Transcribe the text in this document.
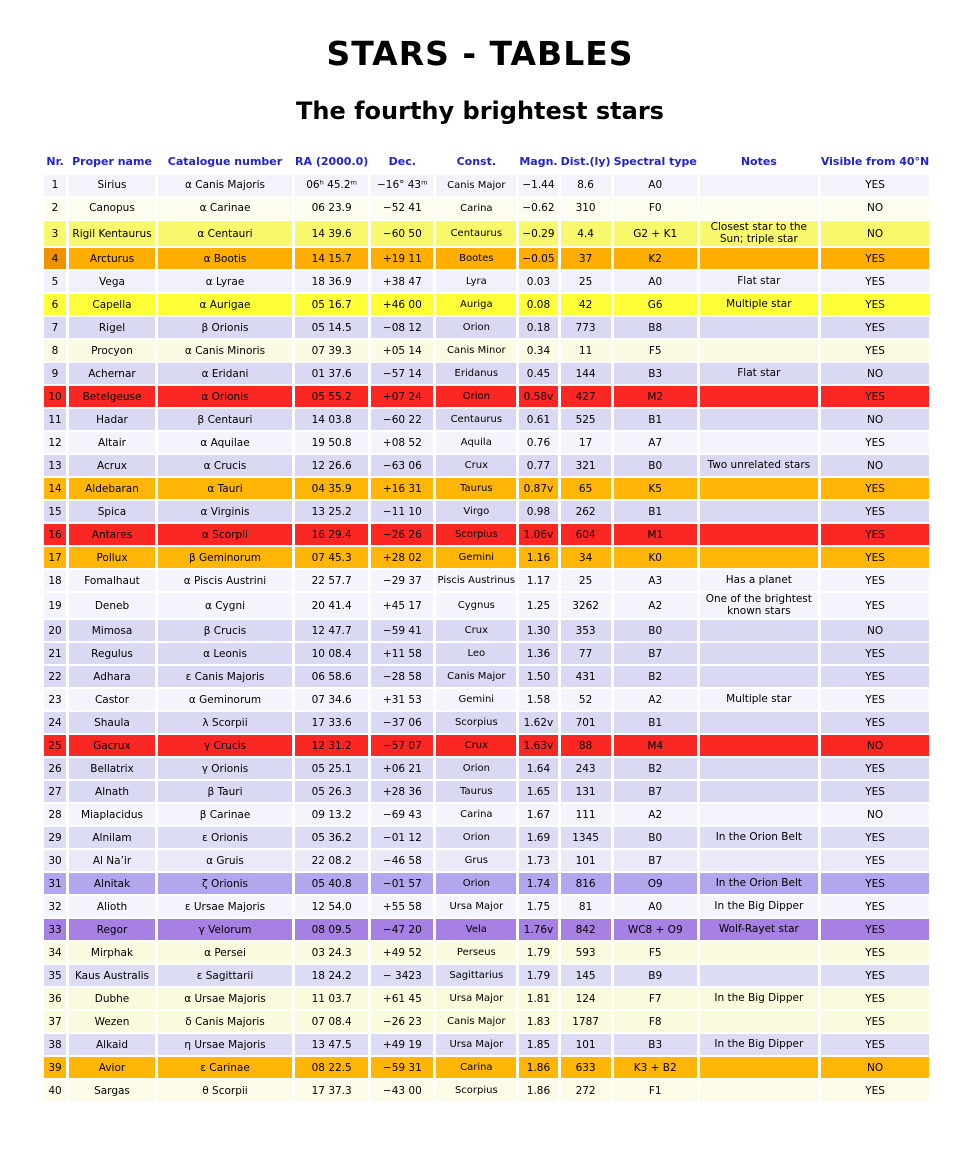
STARS - TABLES
The fourthy brightest stars
Nr.	Proper name	Catalogue number	RA (2000.0)	Dec.	Const.	Magn.	Dist.(ly)	Spectral type	Notes	Visible from 40°N
1	Sirius	α Canis Majoris	06ʰ 45.2ᵐ	−16° 43ᵐ	Canis Major	−1.44	8.6	A0		YES
2	Canopus	α Carinae	06 23.9	−52 41	Carina	−0.62	310	F0		NO
3	Rigil Kentaurus	α Centauri	14 39.6	−60 50	Centaurus	−0.29	4.4	G2 + K1	Closest star to the Sun; triple star	NO
4	Arcturus	α Bootis	14 15.7	+19 11	Bootes	−0.05	37	K2		YES
5	Vega	α Lyrae	18 36.9	+38 47	Lyra	0.03	25	A0	Flat star	YES
6	Capella	α Aurigae	05 16.7	+46 00	Auriga	0.08	42	G6	Multiple star	YES
7	Rigel	β Orionis	05 14.5	−08 12	Orion	0.18	773	B8		YES
8	Procyon	α Canis Minoris	07 39.3	+05 14	Canis Minor	0.34	11	F5		YES
9	Achernar	α Eridani	01 37.6	−57 14	Eridanus	0.45	144	B3	Flat star	NO
10	Betelgeuse	α Orionis	05 55.2	+07 24	Orion	0.58v	427	M2		YES
11	Hadar	β Centauri	14 03.8	−60 22	Centaurus	0.61	525	B1		NO
12	Altair	α Aquilae	19 50.8	+08 52	Aquila	0.76	17	A7		YES
13	Acrux	α Crucis	12 26.6	−63 06	Crux	0.77	321	B0	Two unrelated stars	NO
14	Aldebaran	α Tauri	04 35.9	+16 31	Taurus	0.87v	65	K5		YES
15	Spica	α Virginis	13 25.2	−11 10	Virgo	0.98	262	B1		YES
16	Antares	α Scorpii	16 29.4	−26 26	Scorpius	1.06v	604	M1		YES
17	Pollux	β Geminorum	07 45.3	+28 02	Gemini	1.16	34	K0		YES
18	Fomalhaut	α Piscis Austrini	22 57.7	−29 37	Piscis Austrinus	1.17	25	A3	Has a planet	YES
19	Deneb	α Cygni	20 41.4	+45 17	Cygnus	1.25	3262	A2	One of the brightest known stars	YES
20	Mimosa	β Crucis	12 47.7	−59 41	Crux	1.30	353	B0		NO
21	Regulus	α Leonis	10 08.4	+11 58	Leo	1.36	77	B7		YES
22	Adhara	ε Canis Majoris	06 58.6	−28 58	Canis Major	1.50	431	B2		YES
23	Castor	α Geminorum	07 34.6	+31 53	Gemini	1.58	52	A2	Multiple star	YES
24	Shaula	λ Scorpii	17 33.6	−37 06	Scorpius	1.62v	701	B1		YES
25	Gacrux	γ Crucis	12 31.2	−57 07	Crux	1.63v	88	M4		NO
26	Bellatrix	γ Orionis	05 25.1	+06 21	Orion	1.64	243	B2		YES
27	Alnath	β Tauri	05 26.3	+28 36	Taurus	1.65	131	B7		YES
28	Miaplacidus	β Carinae	09 13.2	−69 43	Carina	1.67	111	A2		NO
29	Alnilam	ε Orionis	05 36.2	−01 12	Orion	1.69	1345	B0	In the Orion Belt	YES
30	Al Na’ir	α Gruis	22 08.2	−46 58	Grus	1.73	101	B7		YES
31	Alnitak	ζ Orionis	05 40.8	−01 57	Orion	1.74	816	O9	In the Orion Belt	YES
32	Alioth	ε Ursae Majoris	12 54.0	+55 58	Ursa Major	1.75	81	A0	In the Big Dipper	YES
33	Regor	γ Velorum	08 09.5	−47 20	Vela	1.76v	842	WC8 + O9	Wolf-Rayet star	YES
34	Mirphak	α Persei	03 24.3	+49 52	Perseus	1.79	593	F5		YES
35	Kaus Australis	ε Sagittarii	18 24.2	− 3423	Sagittarius	1.79	145	B9		YES
36	Dubhe	α Ursae Majoris	11 03.7	+61 45	Ursa Major	1.81	124	F7	In the Big Dipper	YES
37	Wezen	δ Canis Majoris	07 08.4	−26 23	Canis Major	1.83	1787	F8		YES
38	Alkaid	η Ursae Majoris	13 47.5	+49 19	Ursa Major	1.85	101	B3	In the Big Dipper	YES
39	Avior	ε Carinae	08 22.5	−59 31	Carina	1.86	633	K3 + B2		NO
40	Sargas	θ Scorpii	17 37.3	−43 00	Scorpius	1.86	272	F1		YES
